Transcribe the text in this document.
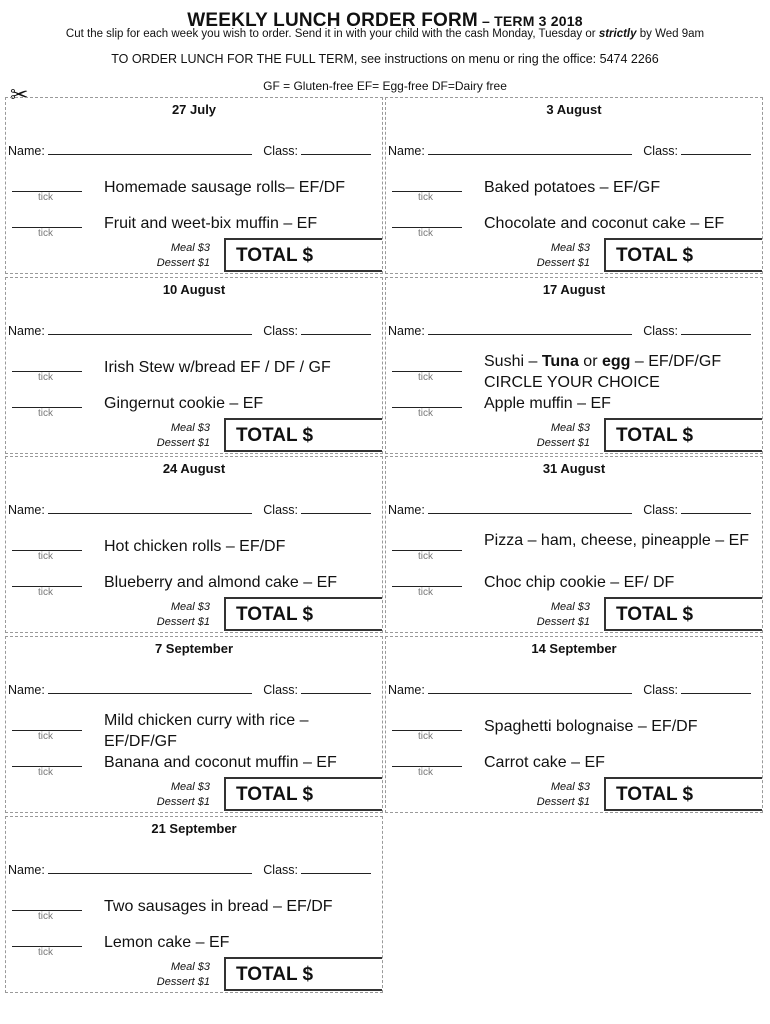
WEEKLY LUNCH ORDER FORM – TERM 3 2018
Cut the slip for each week you wish to order. Send it in with your child with the cash Monday, Tuesday or strictly by Wed 9am
TO ORDER LUNCH FOR THE FULL TERM, see instructions on menu or ring the office: 5474 2266
GF = Gluten-free EF= Egg-free DF=Dairy free
✂
27 July
Name:	Class:
tick
Homemade sausage rolls– EF/DF
tick
Fruit and weet-bix muffin – EF
Meal $3
Dessert $1	TOTAL $
3 August
Name:	Class:
tick
Baked potatoes – EF/GF
tick
Chocolate and coconut cake – EF
Meal $3
Dessert $1	TOTAL $
10 August
Name:	Class:
tick
Irish Stew w/bread EF / DF / GF
tick
Gingernut cookie – EF
Meal $3
Dessert $1	TOTAL $
17 August
Name:	Class:
tick
Sushi – Tuna or egg – EF/DF/GF CIRCLE YOUR CHOICE
tick
Apple muffin – EF
Meal $3
Dessert $1	TOTAL $
24 August
Name:	Class:
tick
Hot chicken rolls – EF/DF
tick
Blueberry and almond cake – EF
Meal $3
Dessert $1	TOTAL $
31 August
Name:	Class:
tick
Pizza – ham, cheese, pineapple – EF
tick
Choc chip cookie – EF/ DF
Meal $3
Dessert $1	TOTAL $
7 September
Name:	Class:
tick
Mild chicken curry with rice – EF/DF/GF
tick
Banana and coconut muffin – EF
Meal $3
Dessert $1	TOTAL $
14 September
Name:	Class:
tick
Spaghetti bolognaise – EF/DF
tick
Carrot cake – EF
Meal $3
Dessert $1	TOTAL $
21 September
Name:	Class:
tick
Two sausages in bread – EF/DF
tick
Lemon cake – EF
Meal $3
Dessert $1	TOTAL $
